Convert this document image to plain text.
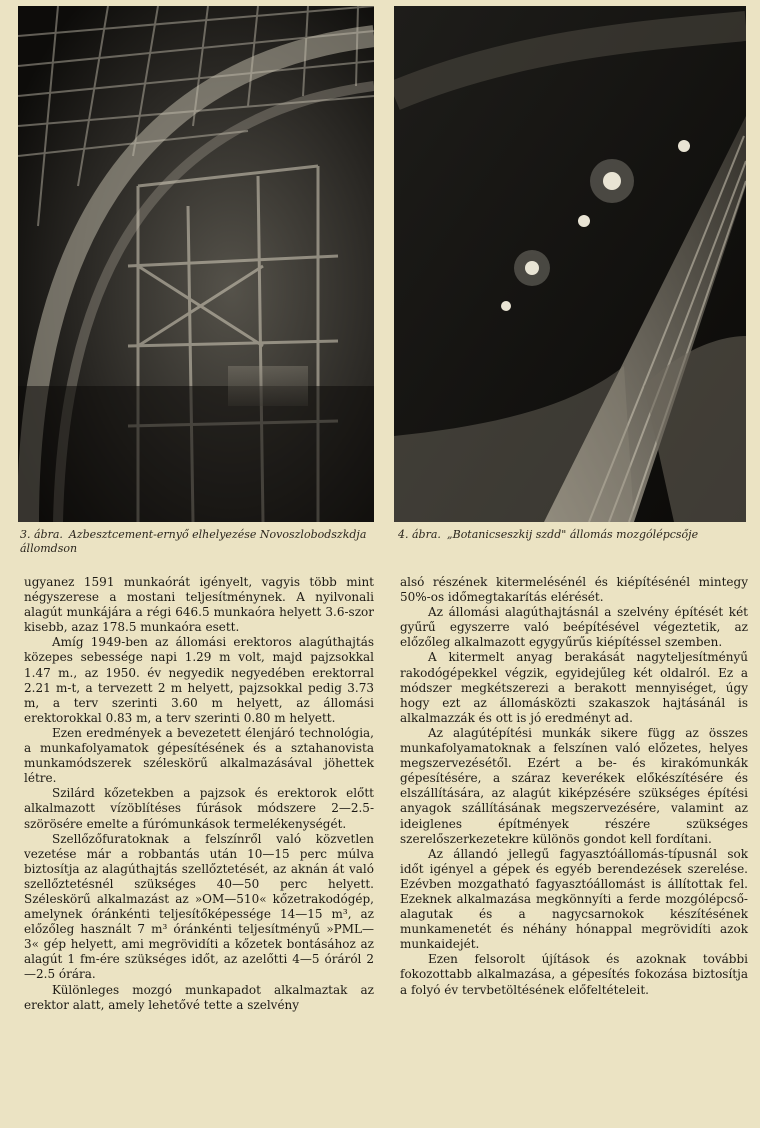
3. ábra. Azbesztcement-ernyő elhelyezése Novoszlobodszkdja állomdson
4. ábra. „Botanicseszkij szdd" állomás mozgólépcsője

ugyanez 1591 munkaórát igényelt, vagyis több mint négyszerese a mostani teljesítménynek. A nyilvonali alagút munkájára a régi 646.5 munkaóra helyett 3.6-szor kisebb, azaz 178.5 munkaóra esett.

Amíg 1949-ben az állomási erektoros alagúthajtás közepes sebessége napi 1.29 m volt, majd pajzsokkal 1.47 m., az 1950. év negyedik negyedében erektorral 2.21 m-t, a tervezett 2 m helyett, pajzsokkal pedig 3.73 m, a terv szerinti 3.60 m helyett, az állomási erektorokkal 0.83 m, a terv szerinti 0.80 m helyett.

Ezen eredmények a bevezetett élenjáró technológia, a munkafolyamatok gépesítésének és a sztahanovista munkamódszerek széleskörű alkalmazásával jöhettek létre.

Szilárd kőzetekben a pajzsok és erektorok előtt alkalmazott vízöblítéses fúrások módszere 2—2.5-szörösére emelte a fúrómunkások termelékenységét.

Szellőzőfuratoknak a felszínről való közvetlen vezetése már a robbantás után 10—15 perc múlva biztosítja az alagúthajtás szellőztetését, az aknán át való szellőztetésnél szükséges 40—50 perc helyett. Széleskörű alkalmazást az »OM—510« kőzetrakodógép, amelynek óránkénti teljesítőképessége 14—15 m³, az előzőleg használt 7 m³ óránkénti teljesítményű »PML—3« gép helyett, ami megrövidíti a kőzetek bontásához az alagút 1 fm-ére szükséges időt, az azelőtti 4—5 óráról 2—2.5 órára.

Különleges mozgó munkapadot alkalmaztak az erektor alatt, amely lehetővé tette a szelvény

alsó részének kitermelésénél és kiépítésénél mintegy 50%-os időmegtakarítás elérését.

Az állomási alagúthajtásnál a szelvény építését két gyűrű egyszerre való beépítésével végeztetik, az előzőleg alkalmazott egygyűrűs kiépítéssel szemben.

A kitermelt anyag berakását nagyteljesítményű rakodógépekkel végzik, egyidejűleg két oldalról. Ez a módszer megkétszerezi a berakott mennyiséget, úgy hogy ezt az állomásközti szakaszok hajtásánál is alkalmazzák és ott is jó eredményt ad.

Az alagútépítési munkák sikere függ az összes munkafolyamatoknak a felszínen való előzetes, helyes megszervezésétől. Ezért a be- és kirakómunkák gépesítésére, a száraz keverékek előkészítésére és elszállítására, az alagút kiképzésére szükséges építési anyagok szállításának megszervezésére, valamint az ideiglenes építmények részére szükséges szerelőszerkezetekre különös gondot kell fordítani.

Az állandó jellegű fagyasztóállomás-típusnál sok időt igényel a gépek és egyéb berendezések szerelése. Ezévben mozgatható fagyasztóállomást is állítottak fel. Ezeknek alkalmazása megkönnyíti a ferde mozgólépcső-alagutak és a nagycsarnokok készítésének munkamenetét és néhány hónappal megrövidíti azok munkaidejét.

Ezen felsorolt újítások és azoknak további fokozottabb alkalmazása, a gépesítés fokozása biztosítja a folyó év tervbetöltésének előfeltételeit.
